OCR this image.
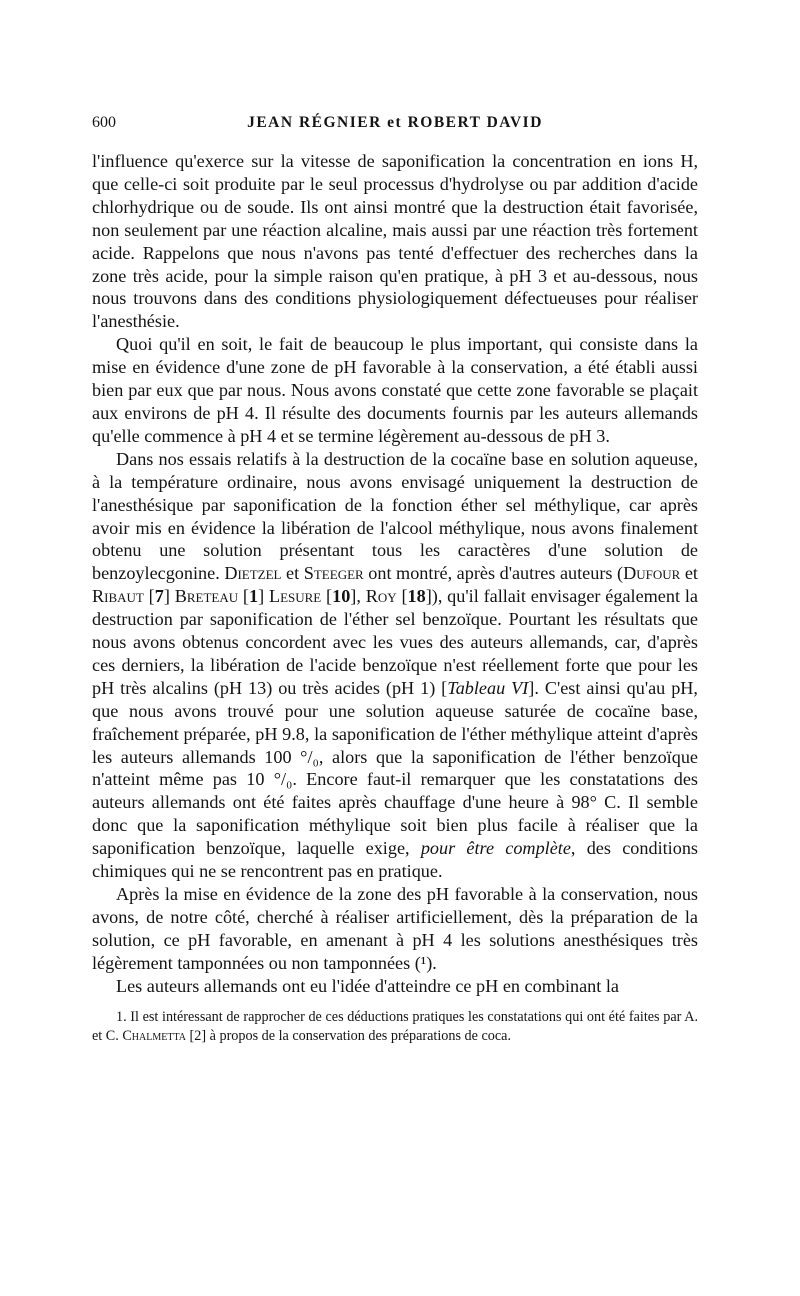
600	JEAN RÉGNIER et ROBERT DAVID

l'influence qu'exerce sur la vitesse de saponification la concentration en ions H, que celle-ci soit produite par le seul processus d'hydrolyse ou par addition d'acide chlorhydrique ou de soude. Ils ont ainsi montré que la destruction était favorisée, non seulement par une réaction alcaline, mais aussi par une réaction très fortement acide. Rappelons que nous n'avons pas tenté d'effectuer des recherches dans la zone très acide, pour la simple raison qu'en pratique, à pH 3 et au-dessous, nous nous trouvons dans des conditions physiologiquement défectueuses pour réaliser l'anesthésie.

Quoi qu'il en soit, le fait de beaucoup le plus important, qui consiste dans la mise en évidence d'une zone de pH favorable à la conservation, a été établi aussi bien par eux que par nous. Nous avons constaté que cette zone favorable se plaçait aux environs de pH 4. Il résulte des documents fournis par les auteurs allemands qu'elle commence à pH 4 et se termine légèrement au-dessous de pH 3.

Dans nos essais relatifs à la destruction de la cocaïne base en solution aqueuse, à la température ordinaire, nous avons envisagé uniquement la destruction de l'anesthésique par saponification de la fonction éther sel méthylique, car après avoir mis en évidence la libération de l'alcool méthylique, nous avons finalement obtenu une solution présentant tous les caractères d'une solution de benzoylecgonine. Dietzel et Steeger ont montré, après d'autres auteurs (Dufour et Ribaut [7] Breteau [1] Lesure [10], Roy [18]), qu'il fallait envisager également la destruction par saponification de l'éther sel benzoïque. Pourtant les résultats que nous avons obtenus concordent avec les vues des auteurs allemands, car, d'après ces derniers, la libération de l'acide benzoïque n'est réellement forte que pour les pH très alcalins (pH 13) ou très acides (pH 1) [Tableau VI]. C'est ainsi qu'au pH, que nous avons trouvé pour une solution aqueuse saturée de cocaïne base, fraîchement préparée, pH 9.8, la saponification de l'éther méthylique atteint d'après les auteurs allemands 100 °/₀, alors que la saponification de l'éther benzoïque n'atteint même pas 10 °/₀. Encore faut-il remarquer que les constatations des auteurs allemands ont été faites après chauffage d'une heure à 98° C. Il semble donc que la saponification méthylique soit bien plus facile à réaliser que la saponification benzoïque, laquelle exige, pour être complète, des conditions chimiques qui ne se rencontrent pas en pratique.

Après la mise en évidence de la zone des pH favorable à la conservation, nous avons, de notre côté, cherché à réaliser artificiellement, dès la préparation de la solution, ce pH favorable, en amenant à pH 4 les solutions anesthésiques très légèrement tamponnées ou non tamponnées (¹).

Les auteurs allemands ont eu l'idée d'atteindre ce pH en combinant la

1. Il est intéressant de rapprocher de ces déductions pratiques les constatations qui ont été faites par A. et C. Chalmetta [2] à propos de la conservation des préparations de coca.
